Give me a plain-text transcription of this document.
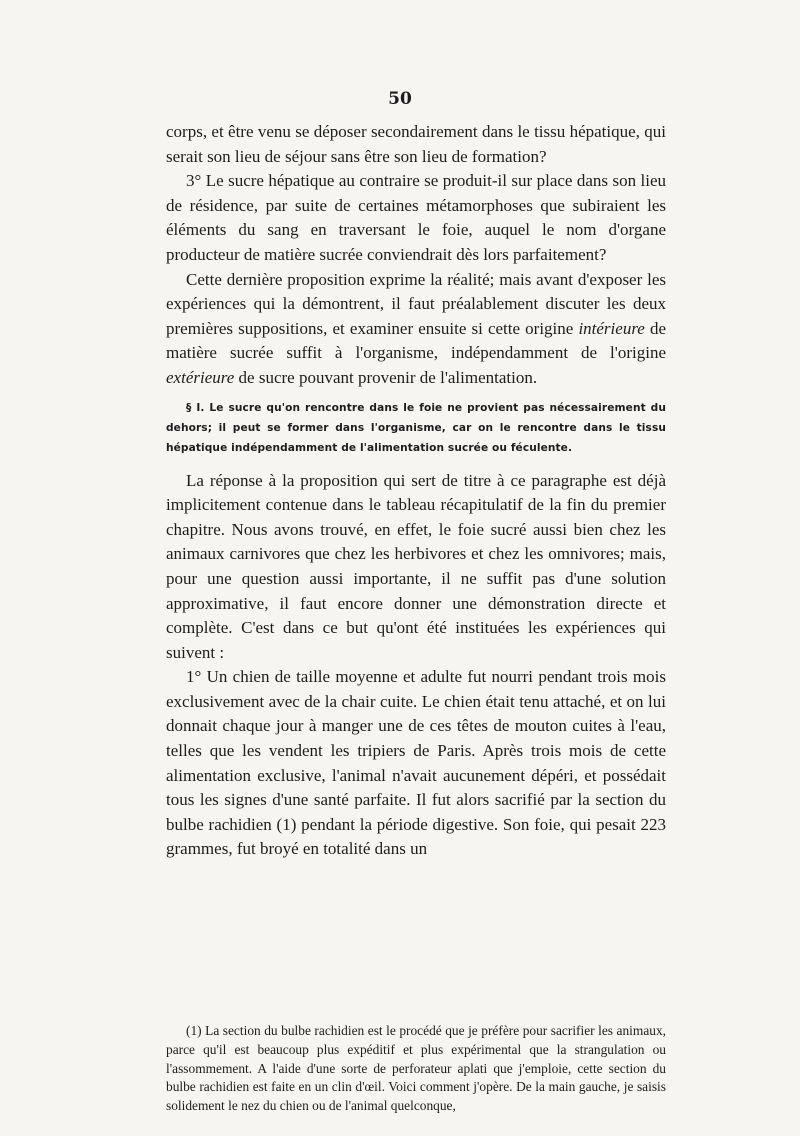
50

corps, et être venu se déposer secondairement dans le tissu hépatique, qui serait son lieu de séjour sans être son lieu de formation?

3° Le sucre hépatique au contraire se produit-il sur place dans son lieu de résidence, par suite de certaines métamorphoses que subiraient les éléments du sang en traversant le foie, auquel le nom d'organe producteur de matière sucrée conviendrait dès lors parfaitement?

Cette dernière proposition exprime la réalité; mais avant d'exposer les expériences qui la démontrent, il faut préalablement discuter les deux premières suppositions, et examiner ensuite si cette origine intérieure de matière sucrée suffit à l'organisme, indépendamment de l'origine extérieure de sucre pouvant provenir de l'alimentation.

§ I. Le sucre qu'on rencontre dans le foie ne provient pas nécessairement du dehors; il peut se former dans l'organisme, car on le rencontre dans le tissu hépatique indépendamment de l'alimentation sucrée ou féculente.

La réponse à la proposition qui sert de titre à ce paragraphe est déjà implicitement contenue dans le tableau récapitulatif de la fin du premier chapitre. Nous avons trouvé, en effet, le foie sucré aussi bien chez les animaux carnivores que chez les herbivores et chez les omnivores; mais, pour une question aussi importante, il ne suffit pas d'une solution approximative, il faut encore donner une démonstration directe et complète. C'est dans ce but qu'ont été instituées les expériences qui suivent :

1° Un chien de taille moyenne et adulte fut nourri pendant trois mois exclusivement avec de la chair cuite. Le chien était tenu attaché, et on lui donnait chaque jour à manger une de ces têtes de mouton cuites à l'eau, telles que les vendent les tripiers de Paris. Après trois mois de cette alimentation exclusive, l'animal n'avait aucunement dépéri, et possédait tous les signes d'une santé parfaite. Il fut alors sacrifié par la section du bulbe rachidien (1) pendant la période digestive. Son foie, qui pesait 223 grammes, fut broyé en totalité dans un

(1) La section du bulbe rachidien est le procédé que je préfère pour sacrifier les animaux, parce qu'il est beaucoup plus expéditif et plus expérimental que la strangulation ou l'assommement. A l'aide d'une sorte de perforateur aplati que j'emploie, cette section du bulbe rachidien est faite en un clin d'œil. Voici comment j'opère. De la main gauche, je saisis solidement le nez du chien ou de l'animal quelconque,
